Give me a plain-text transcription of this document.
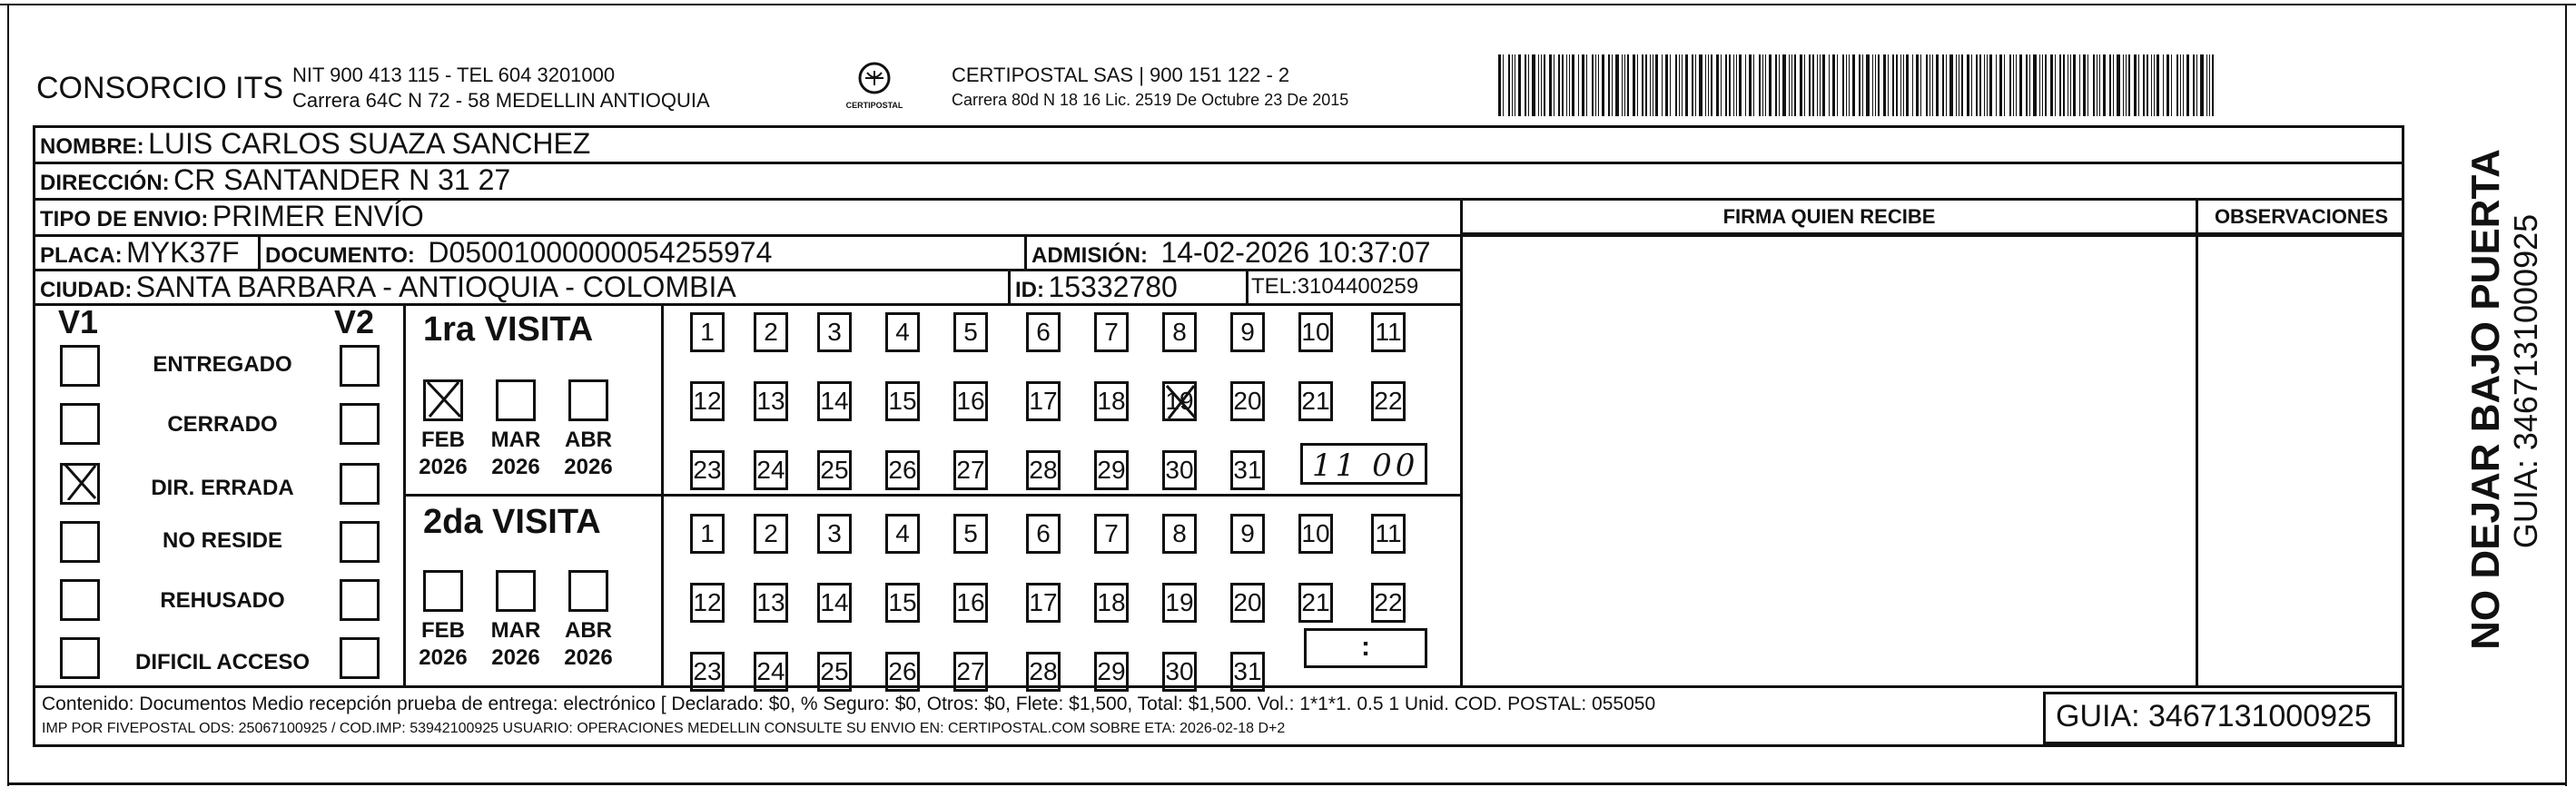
CONSORCIO ITS NIT 900 413 115 - TEL 604 3201000
Carrera 64C N 72 - 58 MEDELLIN ANTIOQUIA	CERTIPOSTAL
CERTIPOSTAL SAS | 900 151 122 - 2
Carrera 80d N 18 16 Lic. 2519 De Octubre 23 De 2015
NOMBRE: LUIS CARLOS SUAZA SANCHEZ
DIRECCIÓN: CR SANTANDER N 31 27
TIPO DE ENVIO: PRIMER ENVÍO	FIRMA QUIEN RECIBE	OBSERVACIONES
PLACA: MYK37F DOCUMENTO: D05001000000054255974	ADMISIÓN: 14-02-2026 10:37:07
CIUDAD: SANTA BARBARA - ANTIOQUIA - COLOMBIA	ID: 15332780	TEL:3104400259
V1	V2
ENTREGADO
CERRADO
DIR. ERRADA
NO RESIDE
REHUSADO
DIFICIL ACCESO
1ra VISITA
FEB
2026
MAR
2026
ABR
2026
2da VISITA
FEB
2026
MAR
2026
ABR
2026
1	2	3	4	5	6	7	8	9	10 11
12 13 14 15 16 17 18 19 20 21 22
23 24 25 26 27 28 29 30 31
1	2	3	4	5	6	7	8	9	10 11
12 13 14 15 16 17 18 19 20 21 22
23 24 25 26 27 28 29 30 31
11 00
:
Contenido: Documentos Medio recepción prueba de entrega: electrónico [ Declarado: $0, % Seguro: $0, Otros: $0, Flete: $1,500, Total: $1,500. Vol.: 1*1*1. 0.5 1 Unid. COD. POSTAL: 055050
IMP POR FIVEPOSTAL ODS: 25067100925 / COD.IMP: 53942100925 USUARIO: OPERACIONES MEDELLIN CONSULTE SU ENVIO EN: CERTIPOSTAL.COM SOBRE ETA: 2026-02-18 D+2	GUIA: 3467131000925
NO DEJAR BAJO PUERTA GUIA: 3467131000925
